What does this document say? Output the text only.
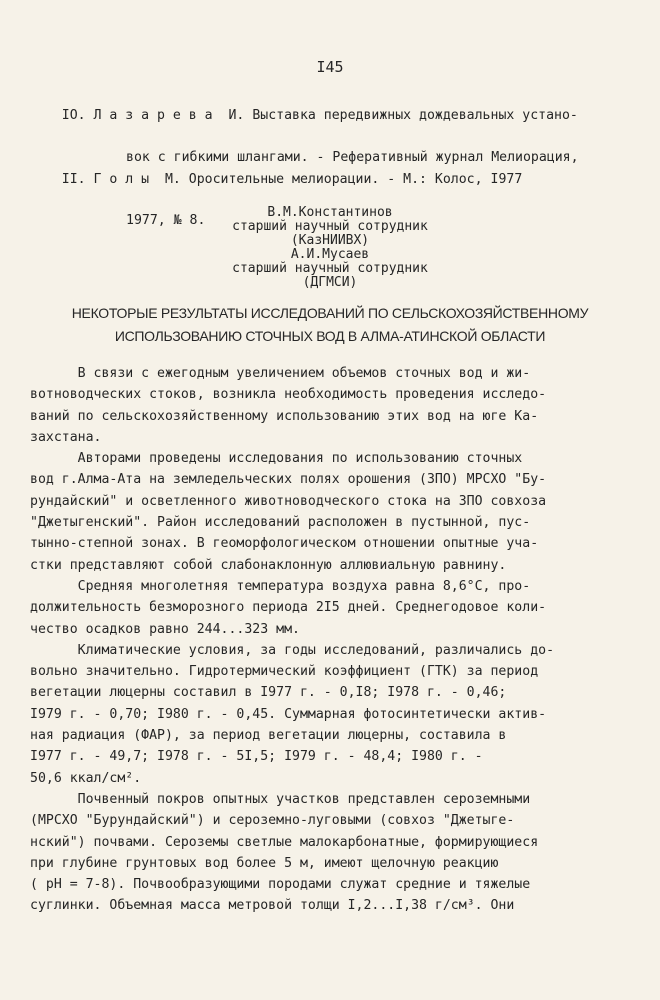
I45

IO. Л а з а р е в а  И. Выставка передвижных дождевальных устано-

вок с гибкими шлангами. - Реферативный журнал Мелиорация,

1977, № 8.

II. Г о л ы  М. Оросительные мелиорации. - М.: Колос, I977

В.М.Константинов
старший научный сотрудник
(КазНИИВХ)
А.И.Мусаев
старший научный сотрудник
(ДГМСИ)
НЕКОТОРЫЕ РЕЗУЛЬТАТЫ ИССЛЕДОВАНИЙ ПО СЕЛЬСКОХОЗЯЙСТВЕННОМУ
ИСПОЛЬЗОВАНИЮ СТОЧНЫХ ВОД В АЛМА-АТИНСКОЙ ОБЛАСТИ
В связи с ежегодным увеличением объемов сточных вод и жи-
вотноводческих стоков, возникла необходимость проведения исследо-
ваний по сельскохозяйственному использованию этих вод на юге Ка-
захстана.
Авторами проведены исследования по использованию сточных
вод г.Алма-Ата на земледельческих полях орошения (ЗПО) МРСХО "Бу-
рундайский" и осветленного животноводческого стока на ЗПО совхоза
"Джетыгенский". Район исследований расположен в пустынной, пус-
тынно-степной зонах. В геоморфологическом отношении опытные уча-
стки представляют собой слабонаклонную аллювиальную равнину.
Средняя многолетняя температура воздуха равна 8,6°С, про-
должительность безморозного периода 2I5 дней. Среднегодовое коли-
чество осадков равно 244...323 мм.
Климатические условия, за годы исследований, различались до-
вольно значительно. Гидротермический коэффициент (ГТК) за период
вегетации люцерны составил в I977 г. - 0,I8; I978 г. - 0,46;
I979 г. - 0,70; I980 г. - 0,45. Суммарная фотосинтетически актив-
ная радиация (ФАР), за период вегетации люцерны, составила в
I977 г. - 49,7; I978 г. - 5I,5; I979 г. - 48,4; I980 г. -
50,6 ккал/см².
Почвенный покров опытных участков представлен сероземными
(МРСХО "Бурундайский") и сероземно-луговыми (совхоз "Джетыге-
нский") почвами. Сероземы светлые малокарбонатные, формирующиеся
при глубине грунтовых вод более 5 м, имеют щелочную реакцию
( pH = 7-8). Почвообразующими породами служат средние и тяжелые
суглинки. Объемная масса метровой толщи I,2...I,38 г/см³. Они
